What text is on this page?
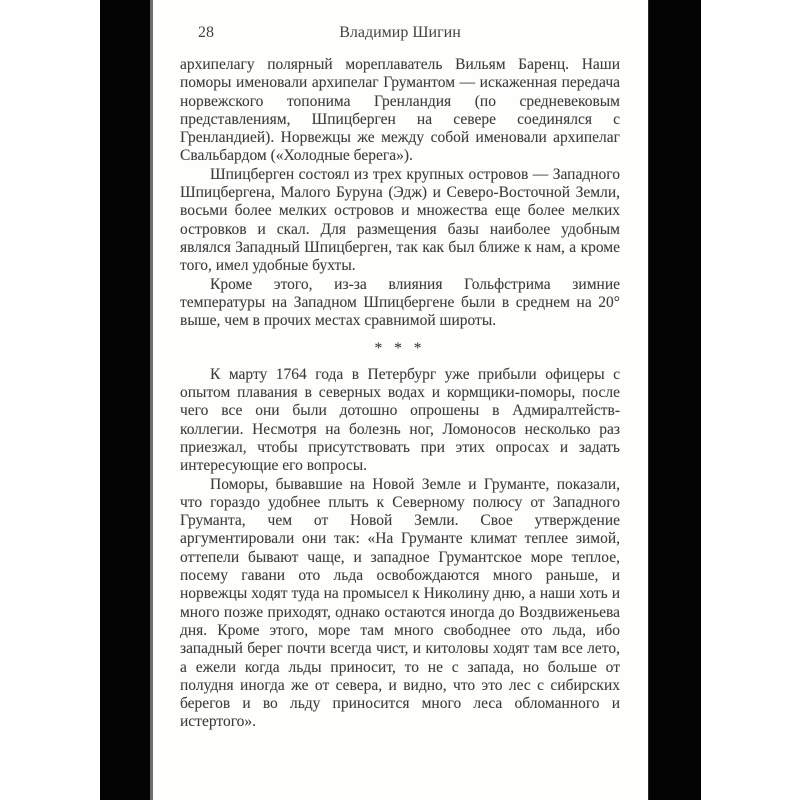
28	Владимир Шигин

архипелагу полярный мореплаватель Вильям Баренц. Наши поморы именовали архипелаг Грумантом — искаженная передача норвежского топонима Гренландия (по средневековым представлениям, Шпицберген на севере соединялся с Гренландией). Норвежцы же между собой именовали архипелаг Свальбардом («Холодные берега»).

Шпицберген состоял из трех крупных островов — Западного Шпицбергена, Малого Буруна (Эдж) и Северо-Восточной Земли, восьми более мелких островов и множества еще более мелких островков и скал. Для размещения базы наиболее удобным являлся Западный Шпицберген, так как был ближе к нам, а кроме того, имел удобные бухты.

Кроме этого, из-за влияния Гольфстрима зимние температуры на Западном Шпицбергене были в среднем на 20° выше, чем в прочих местах сравнимой широты.

* * *

К марту 1764 года в Петербург уже прибыли офицеры с опытом плавания в северных водах и кормщики-поморы, после чего все они были дотошно опрошены в Адмиралтейств-коллегии. Несмотря на болезнь ног, Ломоносов несколько раз приезжал, чтобы присутствовать при этих опросах и задать интересующие его вопросы.

Поморы, бывавшие на Новой Земле и Груманте, показали, что гораздо удобнее плыть к Северному полюсу от Западного Груманта, чем от Новой Земли. Свое утверждение аргументировали они так: «На Груманте климат теплее зимой, оттепели бывают чаще, и западное Грумантское море теплое, посему гавани ото льда освобождаются много раньше, и норвежцы ходят туда на промысел к Николину дню, а наши хоть и много позже приходят, однако остаются иногда до Воздвиженьева дня. Кроме этого, море там много свободнее ото льда, ибо западный берег почти всегда чист, и китоловы ходят там все лето, а ежели когда льды приносит, то не с запада, но больше от полудня иногда же от севера, и видно, что это лес с сибирских берегов и во льду приносится много леса обломанного и истертого».
